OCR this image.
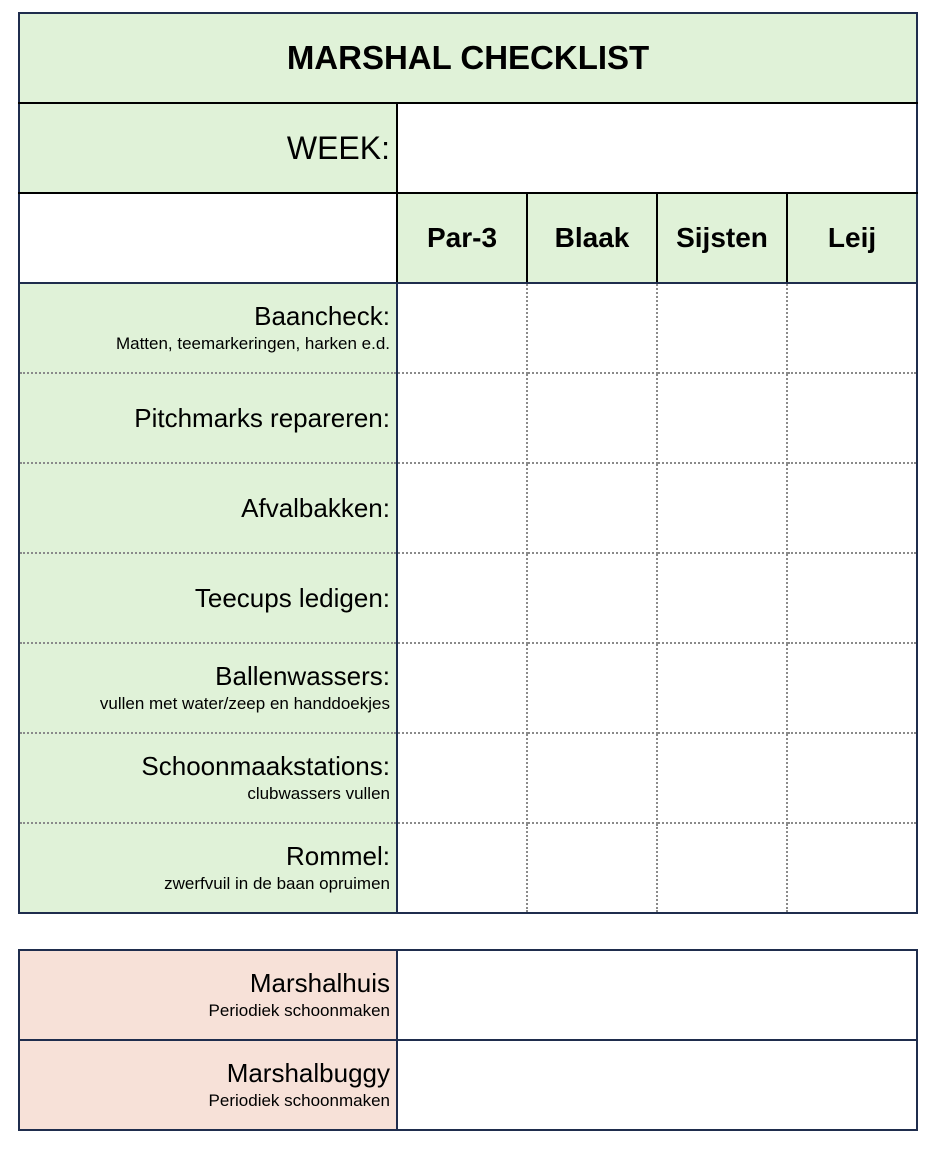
MARSHAL CHECKLIST				
WEEK:				
	Par-3	Blaak	Sijsten	Leij

Baancheck:
Matten, teemarkeringen, harken e.d.				

Pitchmarks repareren:				

Afvalbakken:				

Teecups ledigen:				

Ballenwassers:
vullen met water/zeep en handdoekjes				

Schoonmaakstations:
clubwassers vullen				

Rommel:
zwerfvuil in de baan opruimen				

Marshalhuis
Periodiek schoonmaken	

Marshalbuggy
Periodiek schoonmaken	
